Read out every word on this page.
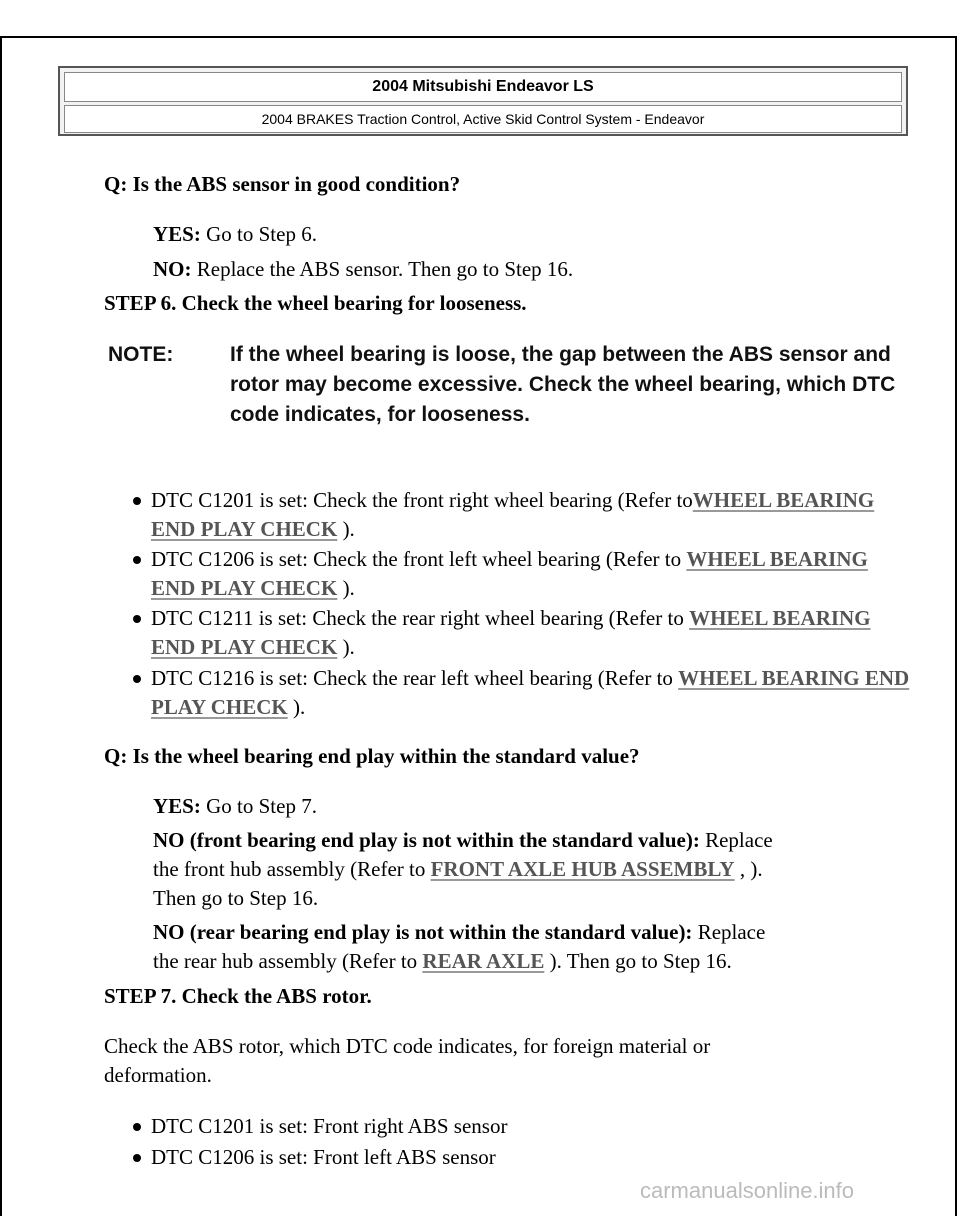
2004 Mitsubishi Endeavor LS
2004 BRAKES Traction Control, Active Skid Control System - Endeavor
Q: Is the ABS sensor in good condition?
YES: Go to Step 6.
NO: Replace the ABS sensor. Then go to Step 16.
STEP 6. Check the wheel bearing for looseness.
NOTE:	If the wheel bearing is loose, the gap between the ABS sensor and rotor may become excessive. Check the wheel bearing, which DTC code indicates, for looseness.
DTC C1201 is set: Check the front right wheel bearing (Refer toWHEEL BEARING END PLAY CHECK ).
DTC C1206 is set: Check the front left wheel bearing (Refer to WHEEL BEARING END PLAY CHECK ).
DTC C1211 is set: Check the rear right wheel bearing (Refer to WHEEL BEARING END PLAY CHECK ).
DTC C1216 is set: Check the rear left wheel bearing (Refer to WHEEL BEARING END PLAY CHECK ).
Q: Is the wheel bearing end play within the standard value?
YES: Go to Step 7.
NO (front bearing end play is not within the standard value): Replace
the front hub assembly (Refer to FRONT AXLE HUB ASSEMBLY , ).
Then go to Step 16.
NO (rear bearing end play is not within the standard value): Replace
the rear hub assembly (Refer to REAR AXLE ). Then go to Step 16.
STEP 7. Check the ABS rotor.
Check the ABS rotor, which DTC code indicates, for foreign material or
deformation.
DTC C1201 is set: Front right ABS sensor
DTC C1206 is set: Front left ABS sensor
carmanualsonline.info
